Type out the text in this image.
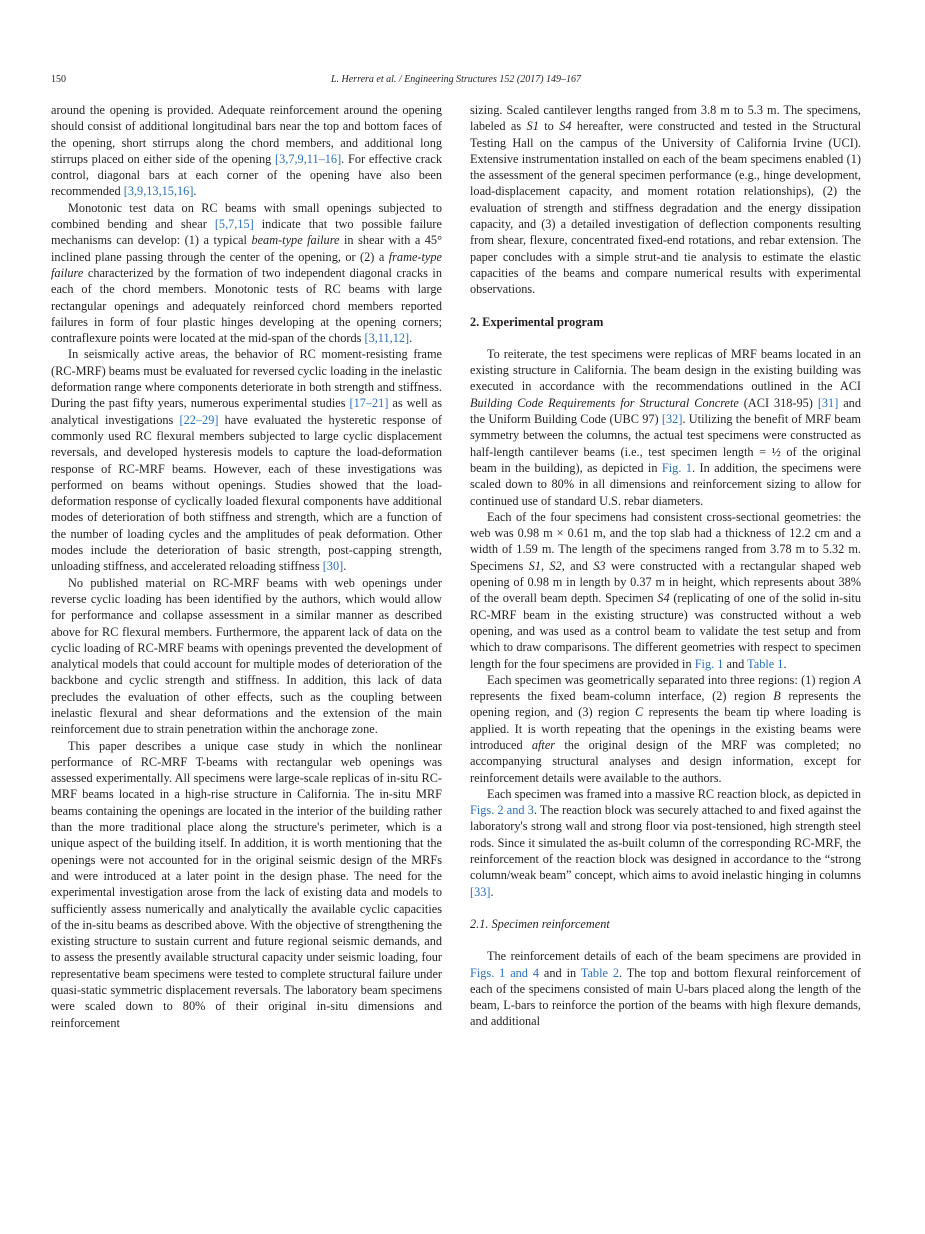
150	L. Herrera et al. / Engineering Structures 152 (2017) 149–167

around the opening is provided. Adequate reinforcement around the opening should consist of additional longitudinal bars near the top and bottom faces of the opening, short stirrups along the chord members, and additional long stirrups placed on either side of the opening [3,7,9,11–16]. For effective crack control, diagonal bars at each corner of the opening have also been recommended [3,9,13,15,16].

Monotonic test data on RC beams with small openings subjected to combined bending and shear [5,7,15] indicate that two possible failure mechanisms can develop: (1) a typical beam-type failure in shear with a 45° inclined plane passing through the center of the opening, or (2) a frame-type failure characterized by the formation of two independent diagonal cracks in each of the chord members. Monotonic tests of RC beams with large rectangular openings and adequately reinforced chord members reported failures in form of four plastic hinges developing at the opening corners; contraflexure points were located at the mid-span of the chords [3,11,12].

In seismically active areas, the behavior of RC moment-resisting frame (RC-MRF) beams must be evaluated for reversed cyclic loading in the inelastic deformation range where components deteriorate in both strength and stiffness. During the past fifty years, numerous experimental studies [17–21] as well as analytical investigations [22–29] have evaluated the hysteretic response of commonly used RC flexural members subjected to large cyclic displacement reversals, and developed hysteresis models to capture the load-deformation response of RC-MRF beams. However, each of these investigations was performed on beams without openings. Studies showed that the load-deformation response of cyclically loaded flexural components have additional modes of deterioration of both stiffness and strength, which are a function of the number of loading cycles and the amplitudes of peak deformation. Other modes include the deterioration of basic strength, post-capping strength, unloading stiffness, and accelerated reloading stiffness [30].

No published material on RC-MRF beams with web openings under reverse cyclic loading has been identified by the authors, which would allow for performance and collapse assessment in a similar manner as described above for RC flexural members. Furthermore, the apparent lack of data on the cyclic loading of RC-MRF beams with openings prevented the development of analytical models that could account for multiple modes of deterioration of the backbone and cyclic strength and stiffness. In addition, this lack of data precludes the evaluation of other effects, such as the coupling between inelastic flexural and shear deformations and the extension of the main reinforcement due to strain penetration within the anchorage zone.

This paper describes a unique case study in which the nonlinear performance of RC-MRF T-beams with rectangular web openings was assessed experimentally. All specimens were large-scale replicas of in-situ RC-MRF beams located in a high-rise structure in California. The in-situ MRF beams containing the openings are located in the interior of the building rather than the more traditional place along the structure's perimeter, which is a unique aspect of the building itself. In addition, it is worth mentioning that the openings were not accounted for in the original seismic design of the MRFs and were introduced at a later point in the design phase. The need for the experimental investigation arose from the lack of existing data and models to sufficiently assess numerically and analytically the available cyclic capacities of the in-situ beams as described above. With the objective of strengthening the existing structure to sustain current and future regional seismic demands, and to assess the presently available structural capacity under seismic loading, four representative beam specimens were tested to complete structural failure under quasi-static symmetric displacement reversals. The laboratory beam specimens were scaled down to 80% of their original in-situ dimensions and reinforcement

sizing. Scaled cantilever lengths ranged from 3.8 m to 5.3 m. The specimens, labeled as S1 to S4 hereafter, were constructed and tested in the Structural Testing Hall on the campus of the University of California Irvine (UCI). Extensive instrumentation installed on each of the beam specimens enabled (1) the assessment of the general specimen performance (e.g., hinge development, load-displacement capacity, and moment rotation relationships), (2) the evaluation of strength and stiffness degradation and the energy dissipation capacity, and (3) a detailed investigation of deflection components resulting from shear, flexure, concentrated fixed-end rotations, and rebar extension. The paper concludes with a simple strut-and tie analysis to estimate the elastic capacities of the beams and compare numerical results with experimental observations.

2. Experimental program

To reiterate, the test specimens were replicas of MRF beams located in an existing structure in California. The beam design in the existing building was executed in accordance with the recommendations outlined in the ACI Building Code Requirements for Structural Concrete (ACI 318-95) [31] and the Uniform Building Code (UBC 97) [32]. Utilizing the benefit of MRF beam symmetry between the columns, the actual test specimens were constructed as half-length cantilever beams (i.e., test specimen length = ½ of the original beam in the building), as depicted in Fig. 1. In addition, the specimens were scaled down to 80% in all dimensions and reinforcement sizing to allow for continued use of standard U.S. rebar diameters.

Each of the four specimens had consistent cross-sectional geometries: the web was 0.98 m × 0.61 m, and the top slab had a thickness of 12.2 cm and a width of 1.59 m. The length of the specimens ranged from 3.78 m to 5.32 m. Specimens S1, S2, and S3 were constructed with a rectangular shaped web opening of 0.98 m in length by 0.37 m in height, which represents about 38% of the overall beam depth. Specimen S4 (replicating of one of the solid in-situ RC-MRF beam in the existing structure) was constructed without a web opening, and was used as a control beam to validate the test setup and from which to draw comparisons. The different geometries with respect to specimen length for the four specimens are provided in Fig. 1 and Table 1.

Each specimen was geometrically separated into three regions: (1) region A represents the fixed beam-column interface, (2) region B represents the opening region, and (3) region C represents the beam tip where loading is applied. It is worth repeating that the openings in the existing beams were introduced after the original design of the MRF was completed; no accompanying structural analyses and design information, except for reinforcement details were available to the authors.

Each specimen was framed into a massive RC reaction block, as depicted in Figs. 2 and 3. The reaction block was securely attached to and fixed against the laboratory's strong wall and strong floor via post-tensioned, high strength steel rods. Since it simulated the as-built column of the corresponding RC-MRF, the reinforcement of the reaction block was designed in accordance to the “strong column/weak beam” concept, which aims to avoid inelastic hinging in columns [33].

2.1. Specimen reinforcement

The reinforcement details of each of the beam specimens are provided in Figs. 1 and 4 and in Table 2. The top and bottom flexural reinforcement of each of the specimens consisted of main U-bars placed along the length of the beam, L-bars to reinforce the portion of the beams with high flexure demands, and additional
